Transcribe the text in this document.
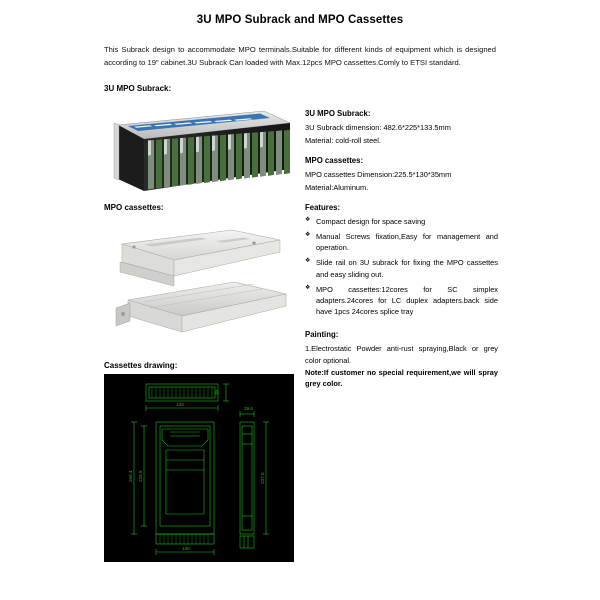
3U MPO Subrack and MPO Cassettes
This Subrack design to accommodate MPO terminals.Suitable for different kinds of equipment which is designed according to 19" cabinet.3U Subrack Can loaded with Max.12pcs MPO cassettes.Comly to ETSI standard.
3U MPO Subrack:
MPO cassettes:
Cassettes drawing:
133
35
255.4 225.5	237.5
29.6
130
3U MPO Subrack:

3U Subrack dimension: 482.6*225*133.5mm

Material: cold-roll steel.

MPO cassettes:

MPO cassettes Dimension:225.5*130*35mm

Material:Aluminum.

Features:
❖ Compact design for space saving
❖ Manual Screws fixation,Easy for management and operation.
❖ Slide rail on 3U subrack for fixing the MPO cassettes and easy sliding out.
❖ MPO cassettes:12cores for SC simplex adapters.24cores for LC duplex adapters.back side have 1pcs 24cores splice tray
Painting:

1.Electrostatic Powder anti-rust spraying,Black or grey color optional.

Note:If customer no special requirement,we will spray grey color.
